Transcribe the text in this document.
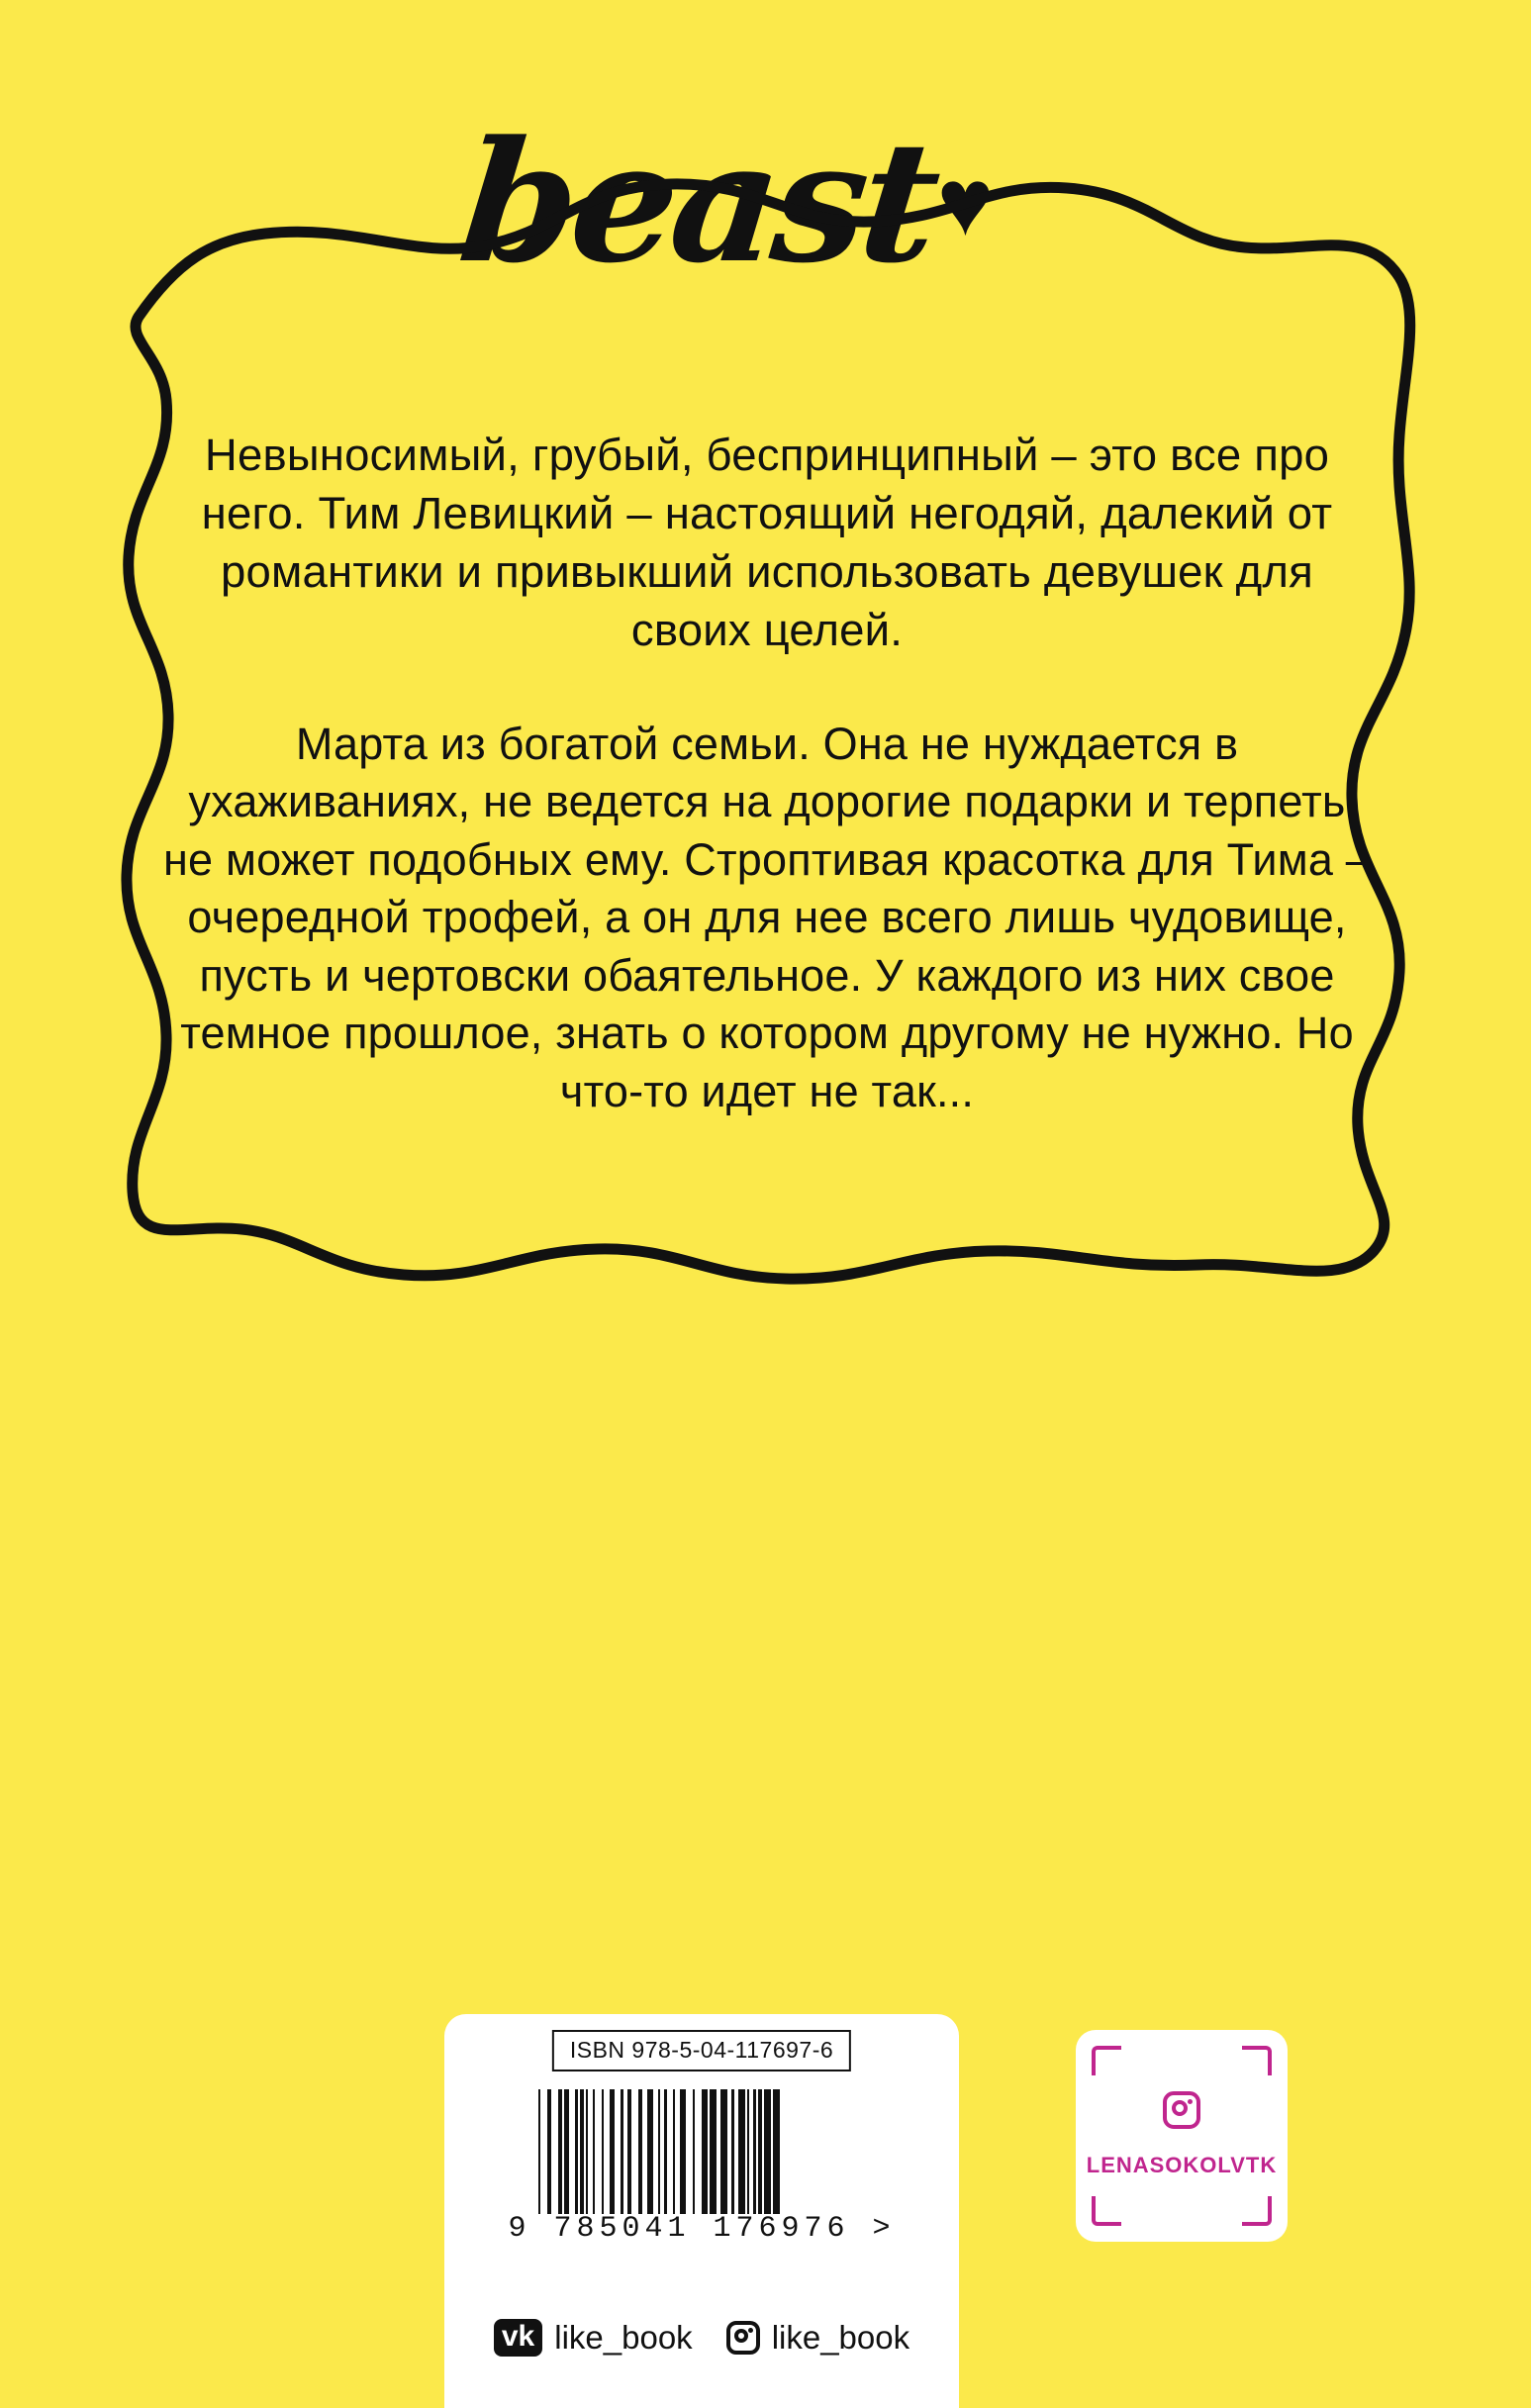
beast♥

Невыносимый, грубый, беспринципный – это все про него. Тим Левицкий – настоящий негодяй, далекий от романтики и привыкший использовать девушек для своих целей.

Марта из богатой семьи. Она не нуждается в ухаживаниях, не ведется на дорогие подарки и терпеть не может подобных ему. Строптивая красотка для Тима – очередной трофей, а он для нее всего лишь чудовище, пусть и чертовски обаятельное. У каждого из них свое темное прошлое, знать о котором другому не нужно. Но что-то идет не так...

ISBN 978-5-04-117697-6
9 785041 176976 >
vk like_book like_book
LENASOKOLVTK
